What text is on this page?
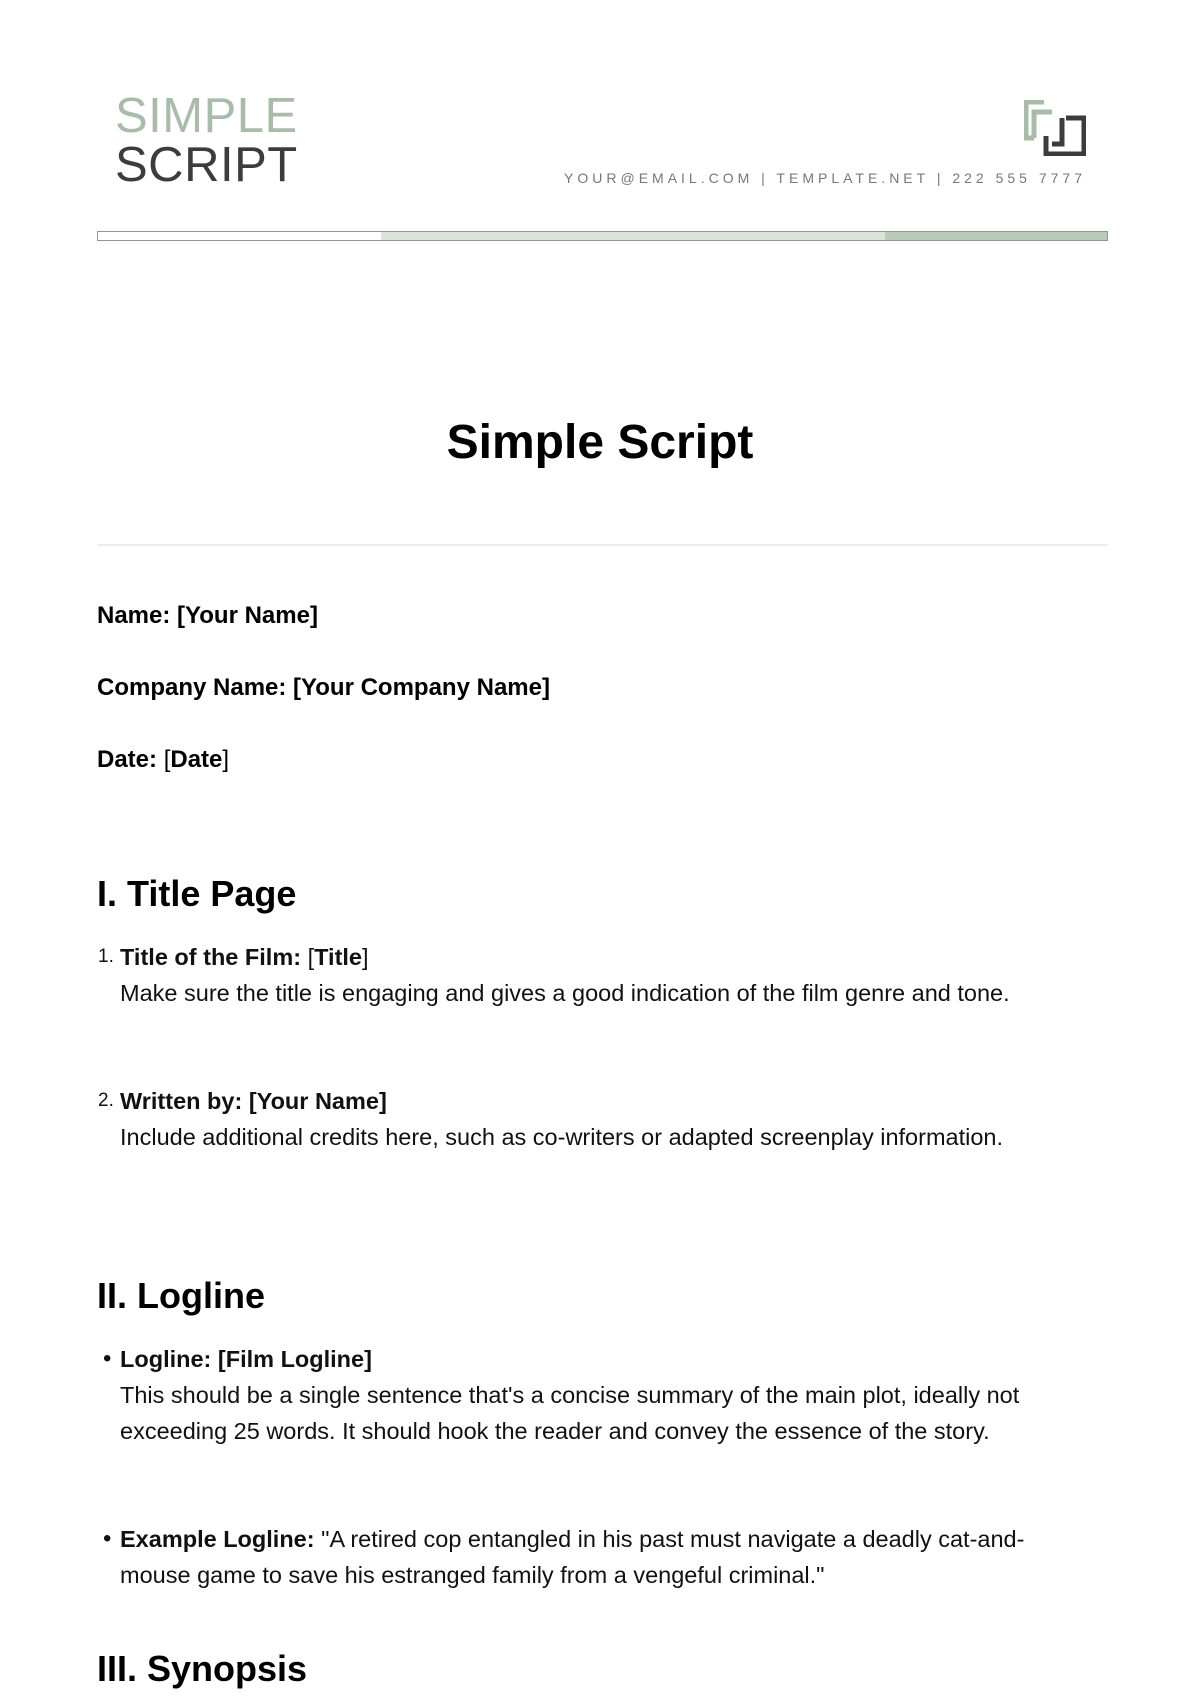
SIMPLE
SCRIPT	YOUR@EMAIL.COM | TEMPLATE.NET | 222 555 7777
Simple Script
Name: [Your Name]
Company Name: [Your Company Name]
Date: [Date]
I. Title Page
1. Title of the Film: [Title]
Make sure the title is engaging and gives a good indication of the film genre and tone.
2. Written by: [Your Name]
Include additional credits here, such as co-writers or adapted screenplay information.
II. Logline
• Logline: [Film Logline]
This should be a single sentence that's a concise summary of the main plot, ideally not exceeding 25 words. It should hook the reader and convey the essence of the story.
• Example Logline: "A retired cop entangled in his past must navigate a deadly cat-and-mouse game to save his estranged family from a vengeful criminal."
III. Synopsis
